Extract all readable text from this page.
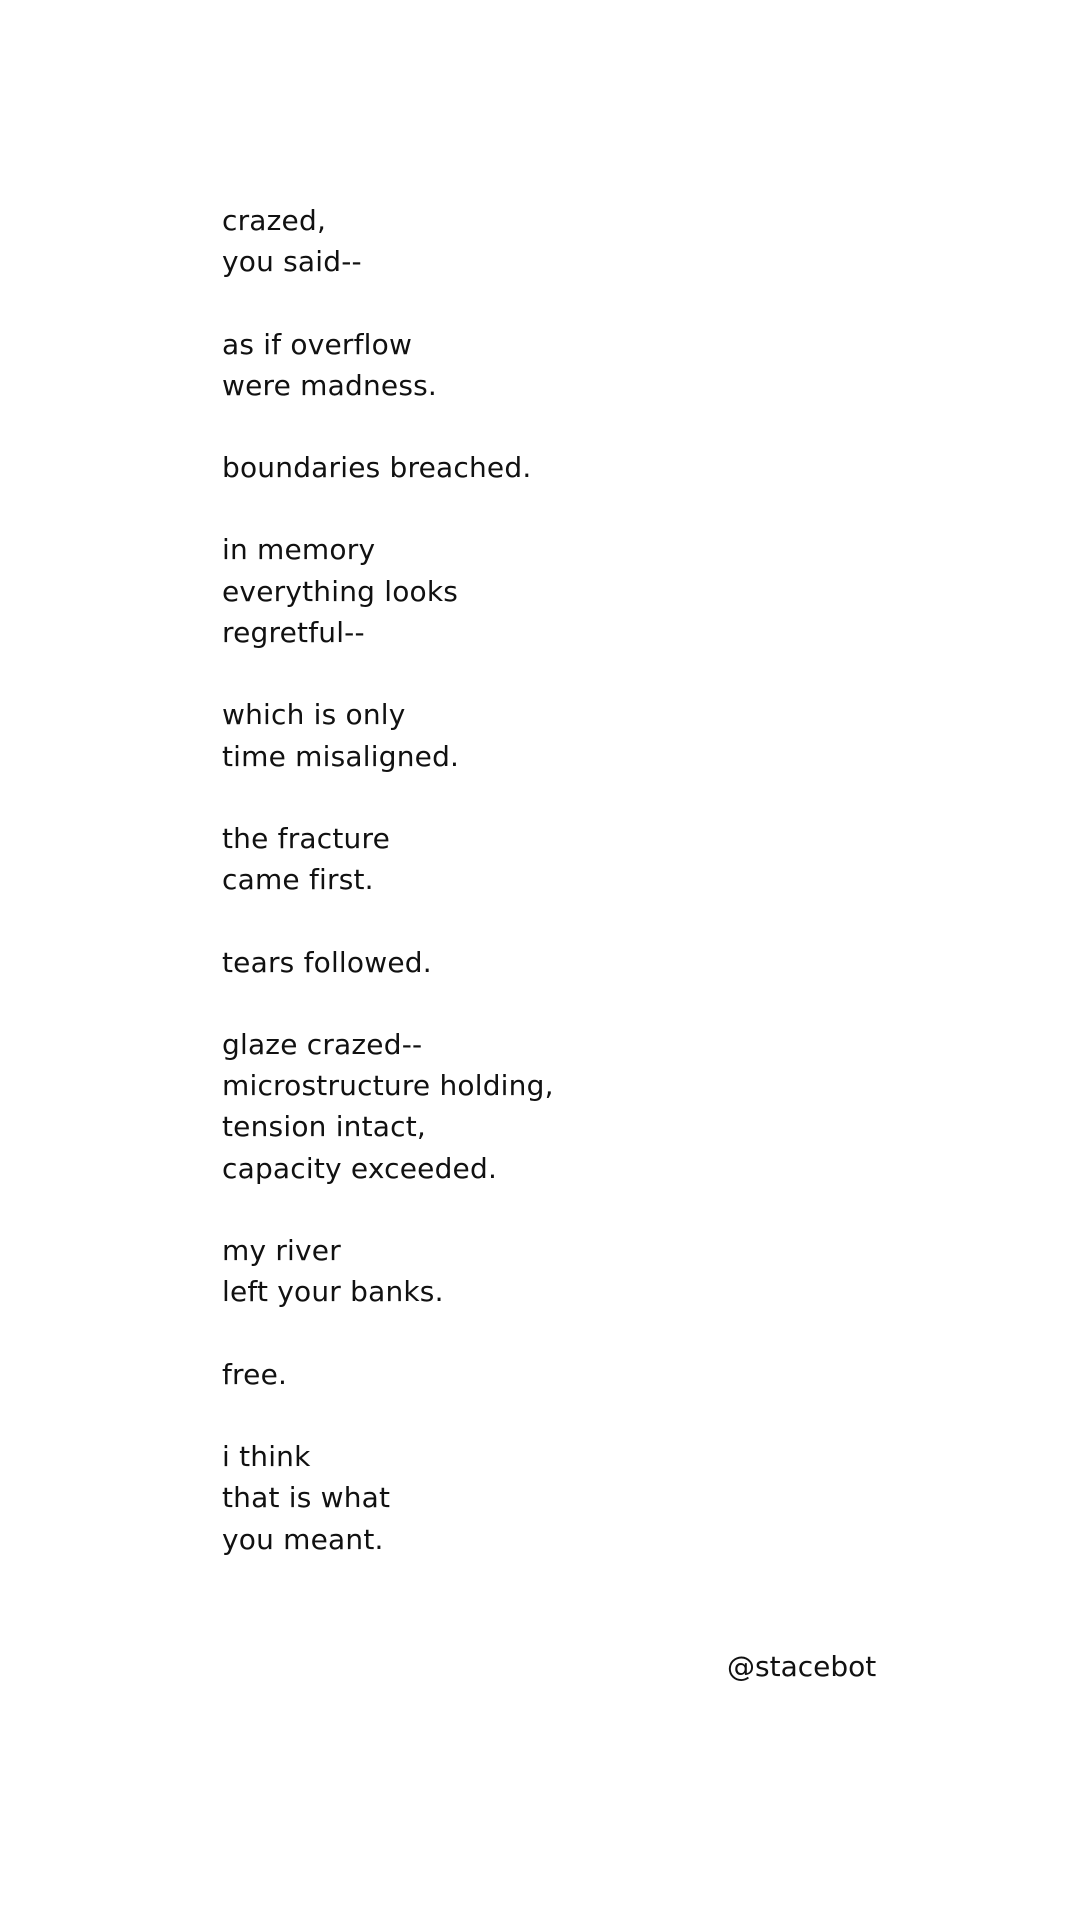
crazed,
you said--
as if overflow
were madness.
boundaries breached.
in memory
everything looks
regretful--
which is only
time misaligned.
the fracture
came first.
tears followed.
glaze crazed--
microstructure holding,
tension intact,
capacity exceeded.
my river
left your banks.
free.
i think
that is what
you meant.
@stacebot
